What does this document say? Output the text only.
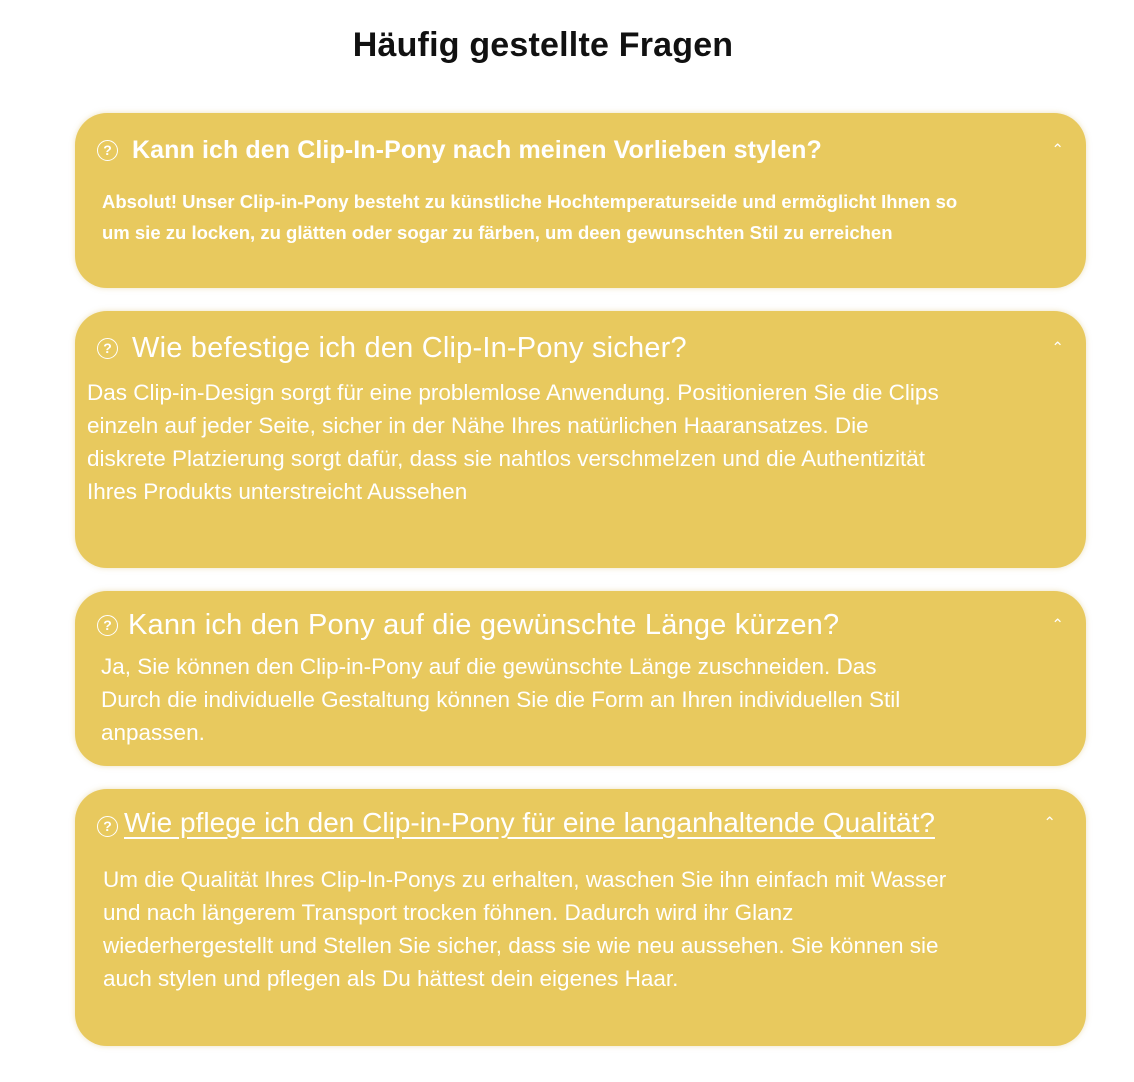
Häufig gestellte Fragen
? Kann ich den Clip-In-Pony nach meinen Vorlieben stylen?	⌃
Absolut! Unser Clip-in-Pony besteht zu künstliche Hochtemperaturseide und ermöglicht Ihnen so
um sie zu locken, zu glätten oder sogar zu färben, um deen gewunschten Stil zu erreichen
? Wie befestige ich den Clip-In-Pony sicher?	⌃
Das Clip-in-Design sorgt für eine problemlose Anwendung. Positionieren Sie die Clips
einzeln auf jeder Seite, sicher in der Nähe Ihres natürlichen Haaransatzes. Die
diskrete Platzierung sorgt dafür, dass sie nahtlos verschmelzen und die Authentizität
Ihres Produkts unterstreicht Aussehen
? Kann ich den Pony auf die gewünschte Länge kürzen?	⌃
Ja, Sie können den Clip-in-Pony auf die gewünschte Länge zuschneiden. Das
Durch die individuelle Gestaltung können Sie die Form an Ihren individuellen Stil
anpassen.
? Wie pflege ich den Clip-in-Pony für eine langanhaltende Qualität?	⌃
Um die Qualität Ihres Clip-In-Ponys zu erhalten, waschen Sie ihn einfach mit Wasser
und nach längerem Transport trocken föhnen. Dadurch wird ihr Glanz
wiederhergestellt und Stellen Sie sicher, dass sie wie neu aussehen. Sie können sie
auch stylen und pflegen als Du hättest dein eigenes Haar.
